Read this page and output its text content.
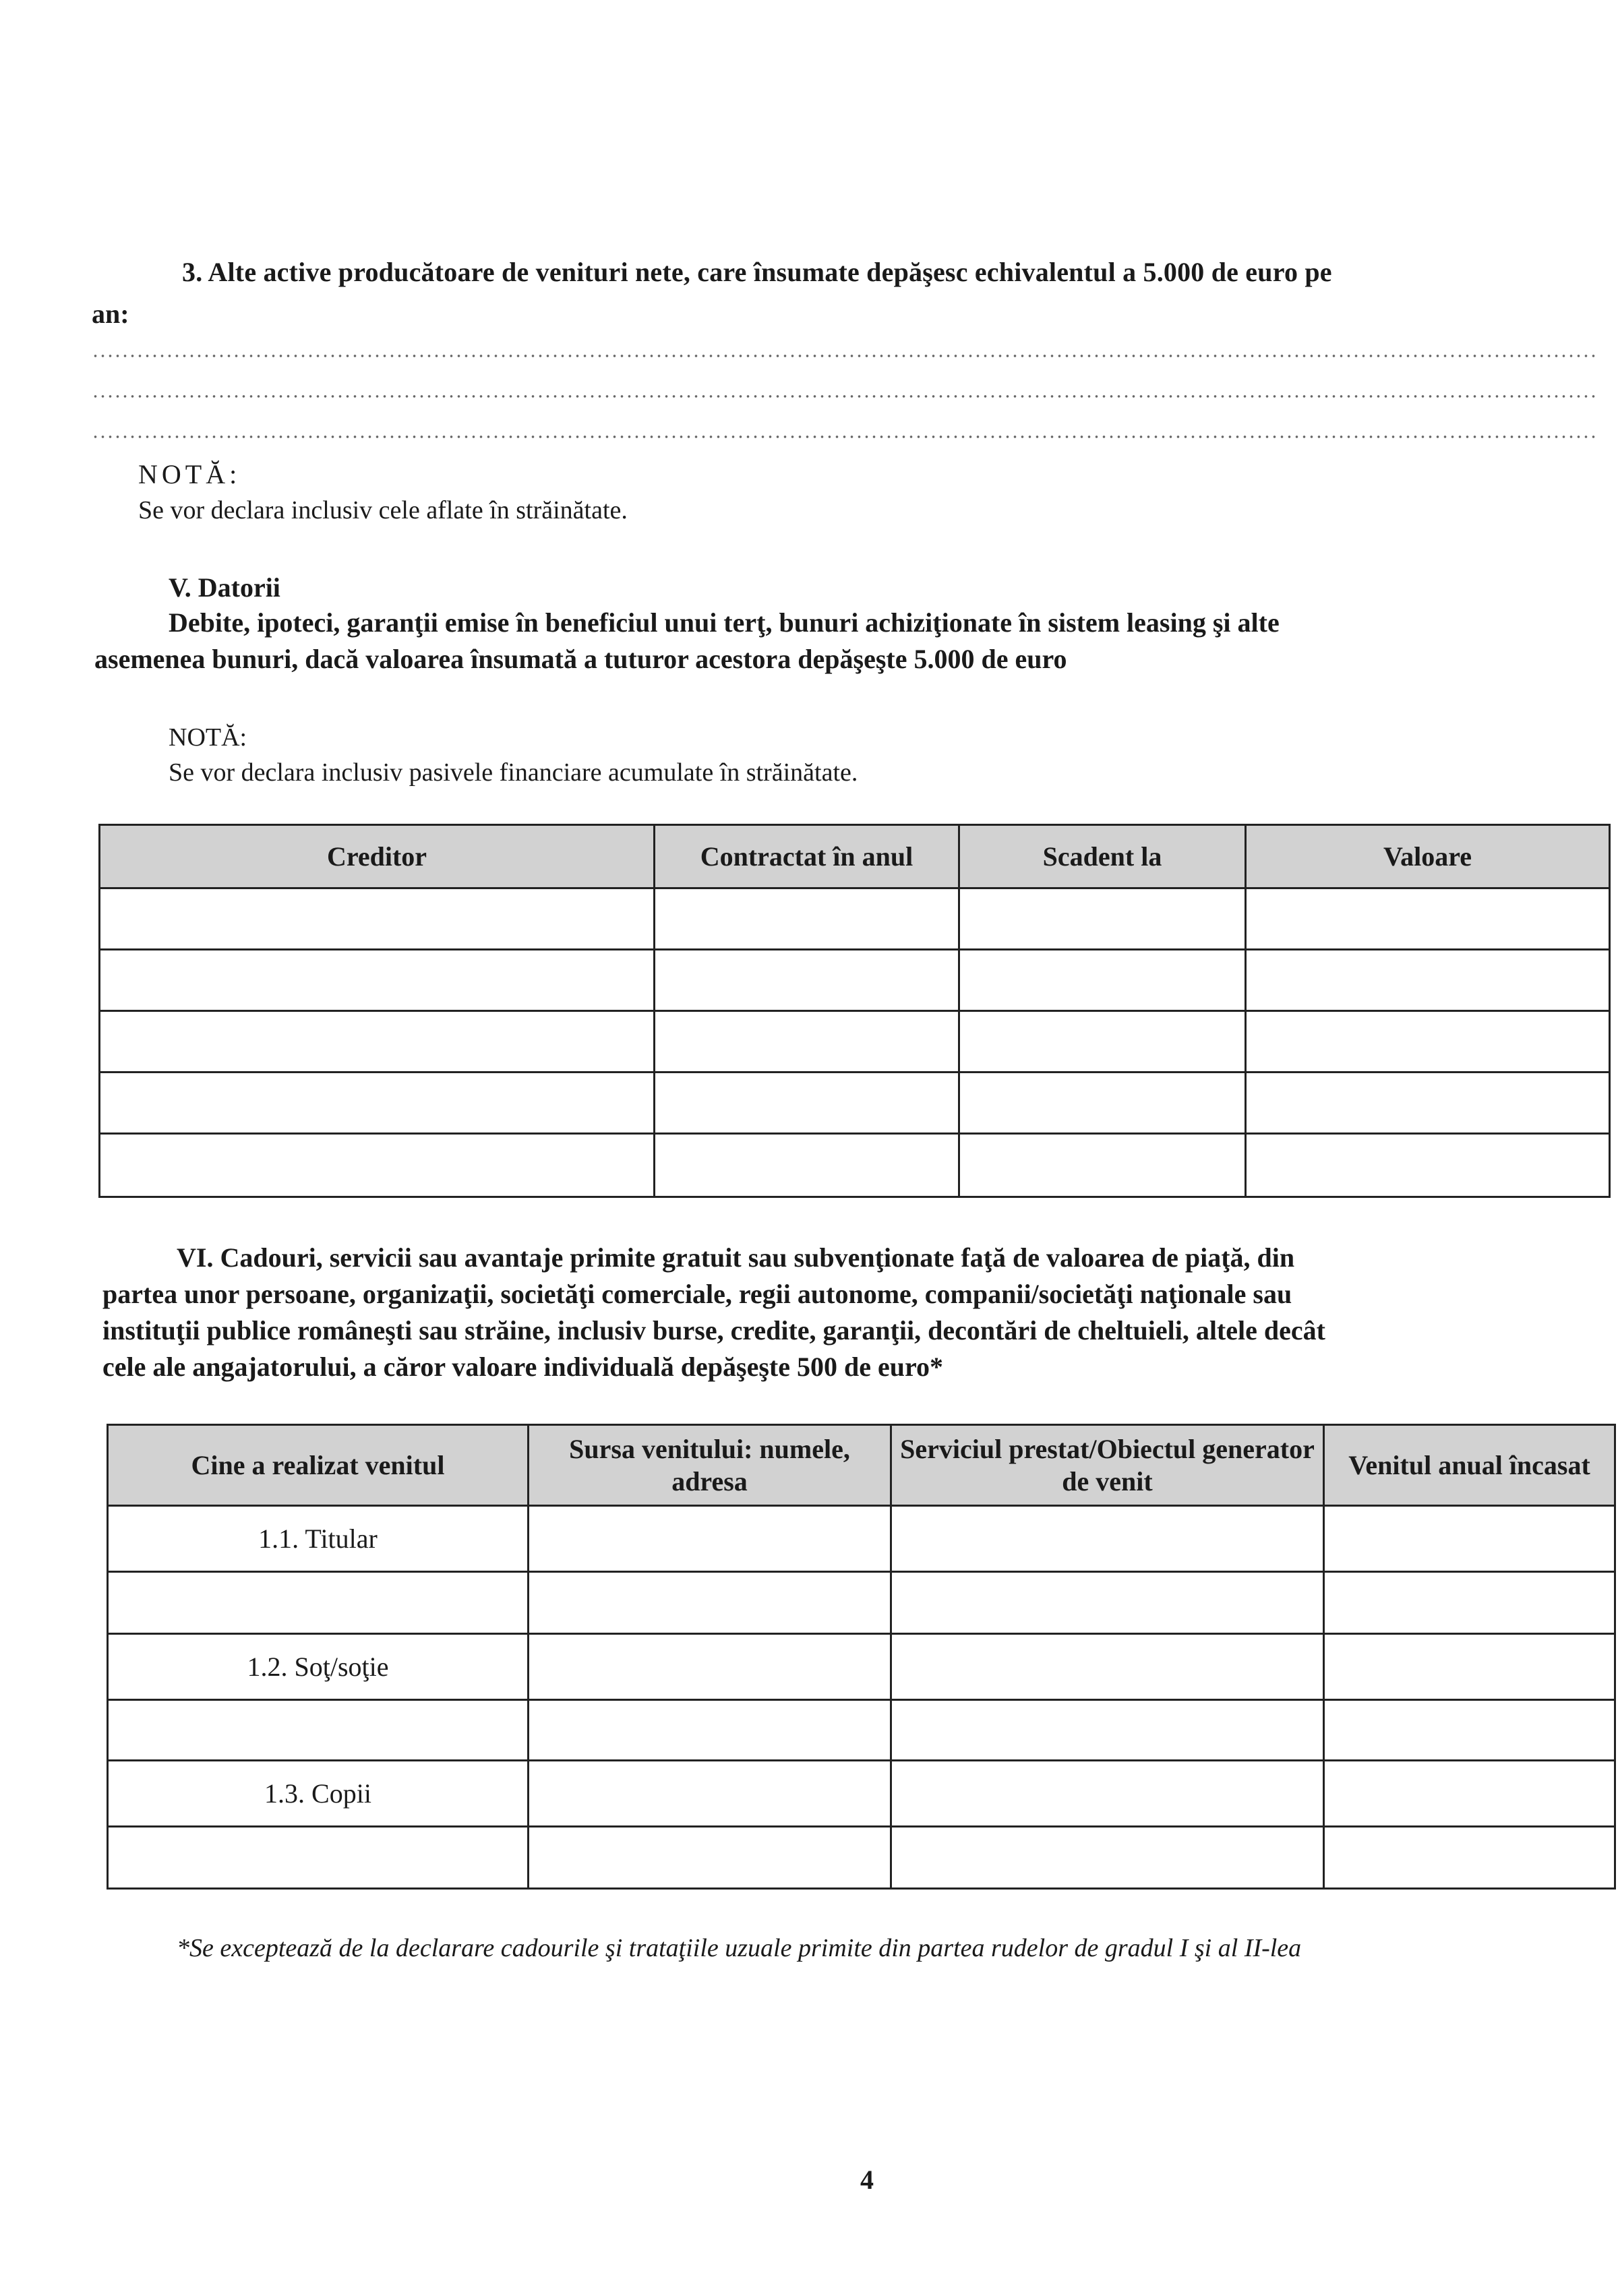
3. Alte active producătoare de venituri nete, care însumate depăşesc echivalentul a 5.000 de euro pe
an:
NOTĂ:
Se vor declara inclusiv cele aflate în străinătate.
V. Datorii
Debite, ipoteci, garanţii emise în beneficiul unui terţ, bunuri achiziţionate în sistem leasing şi alte
asemenea bunuri, dacă valoarea însumată a tuturor acestora depăşeşte 5.000 de euro
NOTĂ:
Se vor declara inclusiv pasivele financiare acumulate în străinătate.
Creditor	Contractat în anul	Scadent la	Valoare

VI. Cadouri, servicii sau avantaje primite gratuit sau subvenţionate faţă de valoarea de piaţă, din
partea unor persoane, organizaţii, societăţi comerciale, regii autonome, companii/societăţi naţionale sau
instituţii publice româneşti sau străine, inclusiv burse, credite, garanţii, decontări de cheltuieli, altele decât
cele ale angajatorului, a căror valoare individuală depăşeşte 500 de euro*
Cine a realizat venitul	Sursa venitului: numele, adresa	Serviciul prestat/Obiectul generator de venit	Venitul anual încasat
1.1. Titular			

1.2. Soţ/soţie			

1.3. Copii			

*Se exceptează de la declarare cadourile şi trataţiile uzuale primite din partea rudelor de gradul I şi al II-lea
4
